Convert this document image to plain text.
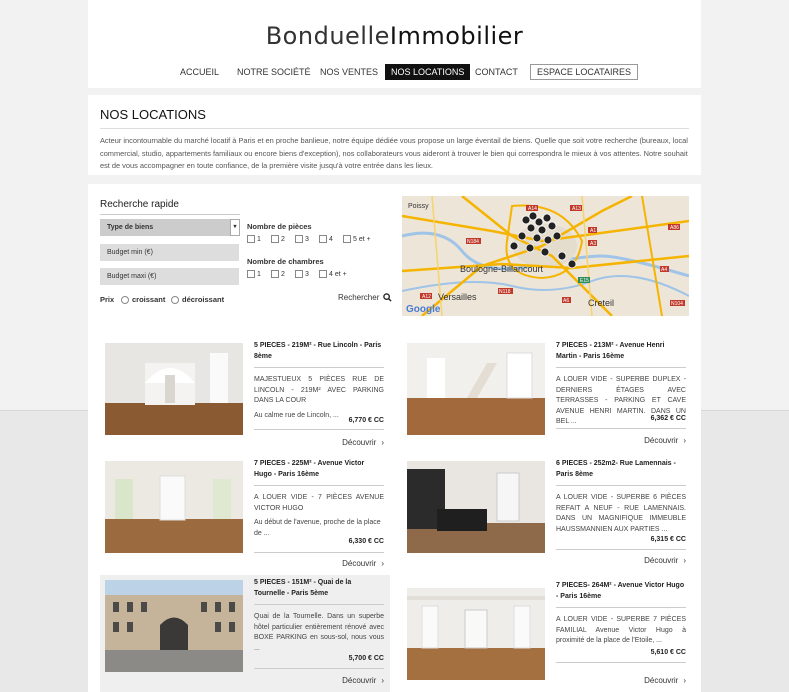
BonduelleImmobilier
ACCUEIL NOTRE SOCIÉTÉ NOS VENTES	NOS LOCATIONS	CONTACT	ESPACE LOCATAIRES
NOS LOCATIONS

Acteur incontournable du marché locatif à Paris et en proche banlieue, notre équipe dédiée vous propose un large éventail de biens. Quelle que soit votre recherche (bureaux, local commercial, studio, appartements familiaux ou encore biens d'exception), nos collaborateurs vous aideront à trouver le bien qui correspondra le mieux à vos attentes. Notre souhait est de vous accompagner en toute confiance, de la première visite jusqu'à votre entrée dans les lieux.

Recherche rapide
Type de biens	▾
Budget min (€)
Budget maxi (€)
Nombre de pièces
1	2	3	4	5 et +
Nombre de chambres
1	2	3	4 et +
Prix croissant décroissant	Rechercher
A13
A14
A1	A86
A3
E15
A12
N118
A6	N104
N184
A4
Poissy
Boulogne-Billancourt
Versailles
Creteil
Google
5 PIECES - 219M² - Rue Lincoln - Paris 8ème
MAJESTUEUX 5 PIÈCES RUE DE LINCOLN - 219M² AVEC PARKING DANS LA COUR
Au calme rue de Lincoln, ...
6,770 € CC
Découvrir ›
7 PIECES - 213M² - Avenue Henri Martin - Paris 16ème
A LOUER VIDE - SUPERBE DUPLEX - DERNIERS ÉTAGES AVEC TERRASSES - PARKING ET CAVE AVENUE HENRI MARTIN. DANS UN BEL ...	6,362 € CC
Découvrir ›
7 PIECES - 225M² - Avenue Victor Hugo - Paris 16ème
A LOUER VIDE - 7 PIÈCES AVENUE VICTOR HUGO
Au début de l'avenue, proche de la place de ...
6,330 € CC
Découvrir ›
6 PIECES - 252m2- Rue Lamennais - Paris 8ème
A LOUER VIDE - SUPERBE 6 PIÈCES REFAIT A NEUF - RUE LAMENNAIS. DANS UN MAGNIFIQUE IMMEUBLE HAUSSMANNIEN AUX PARTIES ...
6,315 € CC
Découvrir ›
5 PIECES - 151M² - Quai de la Tournelle - Paris 5ème
Quai de la Tournelle. Dans un superbe hôtel particulier entièrement rénové avec BOXE PARKING en sous-sol, nous vous ...
5,700 € CC
Découvrir ›
7 PIECES- 264M² - Avenue Victor Hugo - Paris 16ème
A LOUER VIDE - SUPERBE 7 PIÈCES FAMILIAL Avenue Victor Hugo à proximité de la place de l'Etoile, ...
5,610 € CC
Découvrir ›
